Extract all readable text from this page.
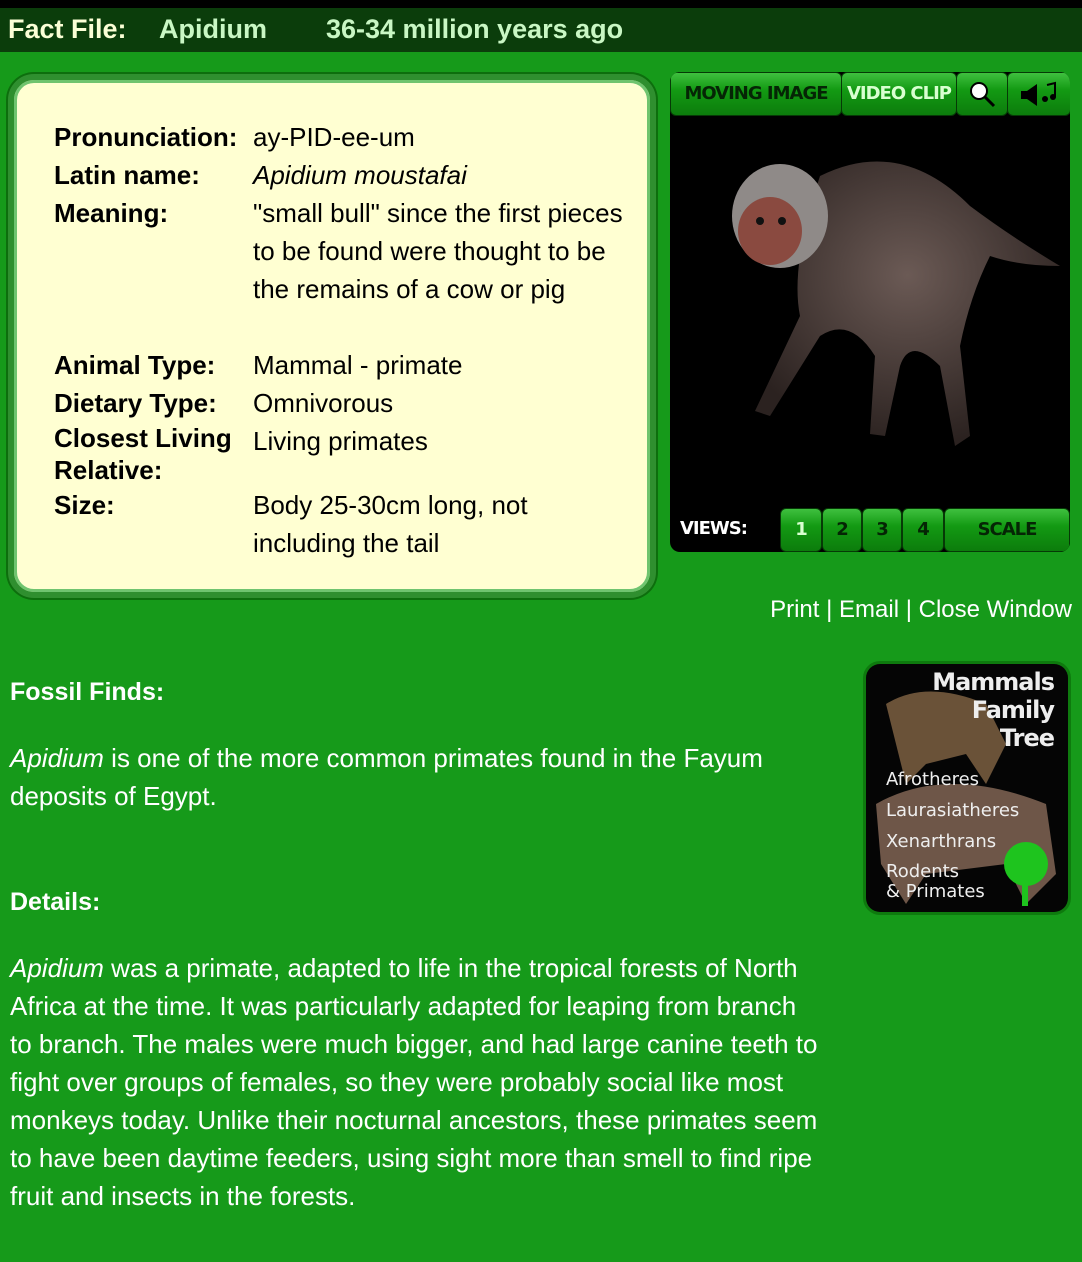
Fact File: Apidium 36-34 million years ago
Pronunciation: ay-PID-ee-um
Latin name:	Apidium moustafai
Meaning:	"small bull" since the first pieces to be found were thought to be the remains of a cow or pig
Animal Type:	Mammal - primate
Dietary Type:	Omnivorous
Closest Living Relative:
Living primates
Size:	Body 25-30cm long, not including the tail
MOVING IMAGE	VIDEO CLIP
VIEWS:	1	2	3	4	SCALE
Print | Email | Close Window
Fossil Finds:

Apidium is one of the more common primates found in the Fayum deposits of Egypt.

Details:

Apidium was a primate, adapted to life in the tropical forests of North Africa at the time. It was particularly adapted for leaping from branch to branch. The males were much bigger, and had large canine teeth to fight over groups of females, so they were probably social like most monkeys today. Unlike their nocturnal ancestors, these primates seem to have been daytime feeders, using sight more than smell to find ripe fruit and insects in the forests.

Mammals
Family
Tree
Afrotheres
Laurasiatheres
Xenarthrans
Rodents
& Primates
